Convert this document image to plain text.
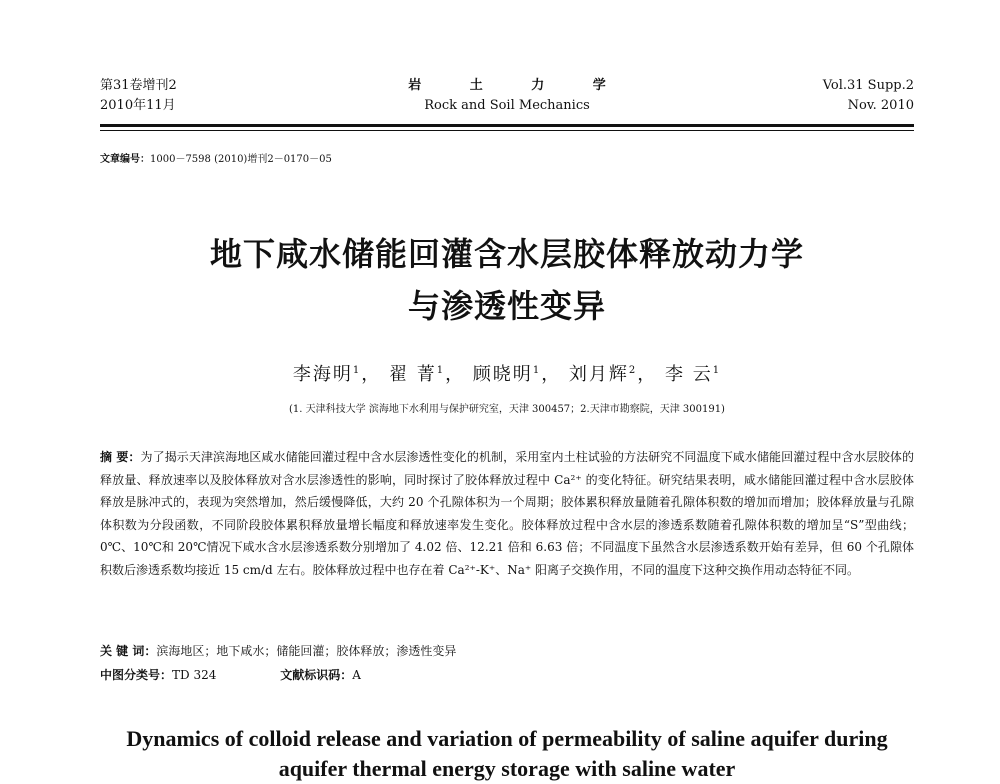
第31卷增刊2
2010年11月
岩 土 力 学
Rock and Soil Mechanics
Vol.31 Supp.2
Nov. 2010
文章编号：1000－7598 (2010)增刊2－0170－05
地下咸水储能回灌含水层胶体释放动力学
与渗透性变异
李海明$^1$， 翟 菁$^1$， 顾晓明$^1$， 刘月辉$^2$， 李 云$^1$
(1. 天津科技大学 滨海地下水利用与保护研究室，天津 300457；2.天津市勘察院，天津 300191)
摘 要：为了揭示天津滨海地区咸水储能回灌过程中含水层渗透性变化的机制，采用室内土柱试验的方法研究不同温度下咸水储能回灌过程中含水层胶体的释放量、释放速率以及胶体释放对含水层渗透性的影响，同时探讨了胶体释放过程中 Ca²⁺ 的变化特征。研究结果表明，咸水储能回灌过程中含水层胶体释放是脉冲式的，表现为突然增加，然后缓慢降低，大约 20 个孔隙体积为一个周期；胶体累积释放量随着孔隙体积数的增加而增加；胶体释放量与孔隙体积数为分段函数，不同阶段胶体累积释放量增长幅度和释放速率发生变化。胶体释放过程中含水层的渗透系数随着孔隙体积数的增加呈“S”型曲线；0℃、10℃和 20℃情况下咸水含水层渗透系数分别增加了 4.02 倍、12.21 倍和 6.63 倍；不同温度下虽然含水层渗透系数开始有差异，但 60 个孔隙体积数后渗透系数均接近 15 cm/d 左右。胶体释放过程中也存在着 Ca²⁺-K⁺、Na⁺ 阳离子交换作用，不同的温度下这种交换作用动态特征不同。
关 键 词：滨海地区；地下咸水；储能回灌；胶体释放；渗透性变异
中图分类号：TD 324	文献标识码：A
Dynamics of colloid release and variation of permeability of saline aquifer during aquifer thermal energy storage with saline water
